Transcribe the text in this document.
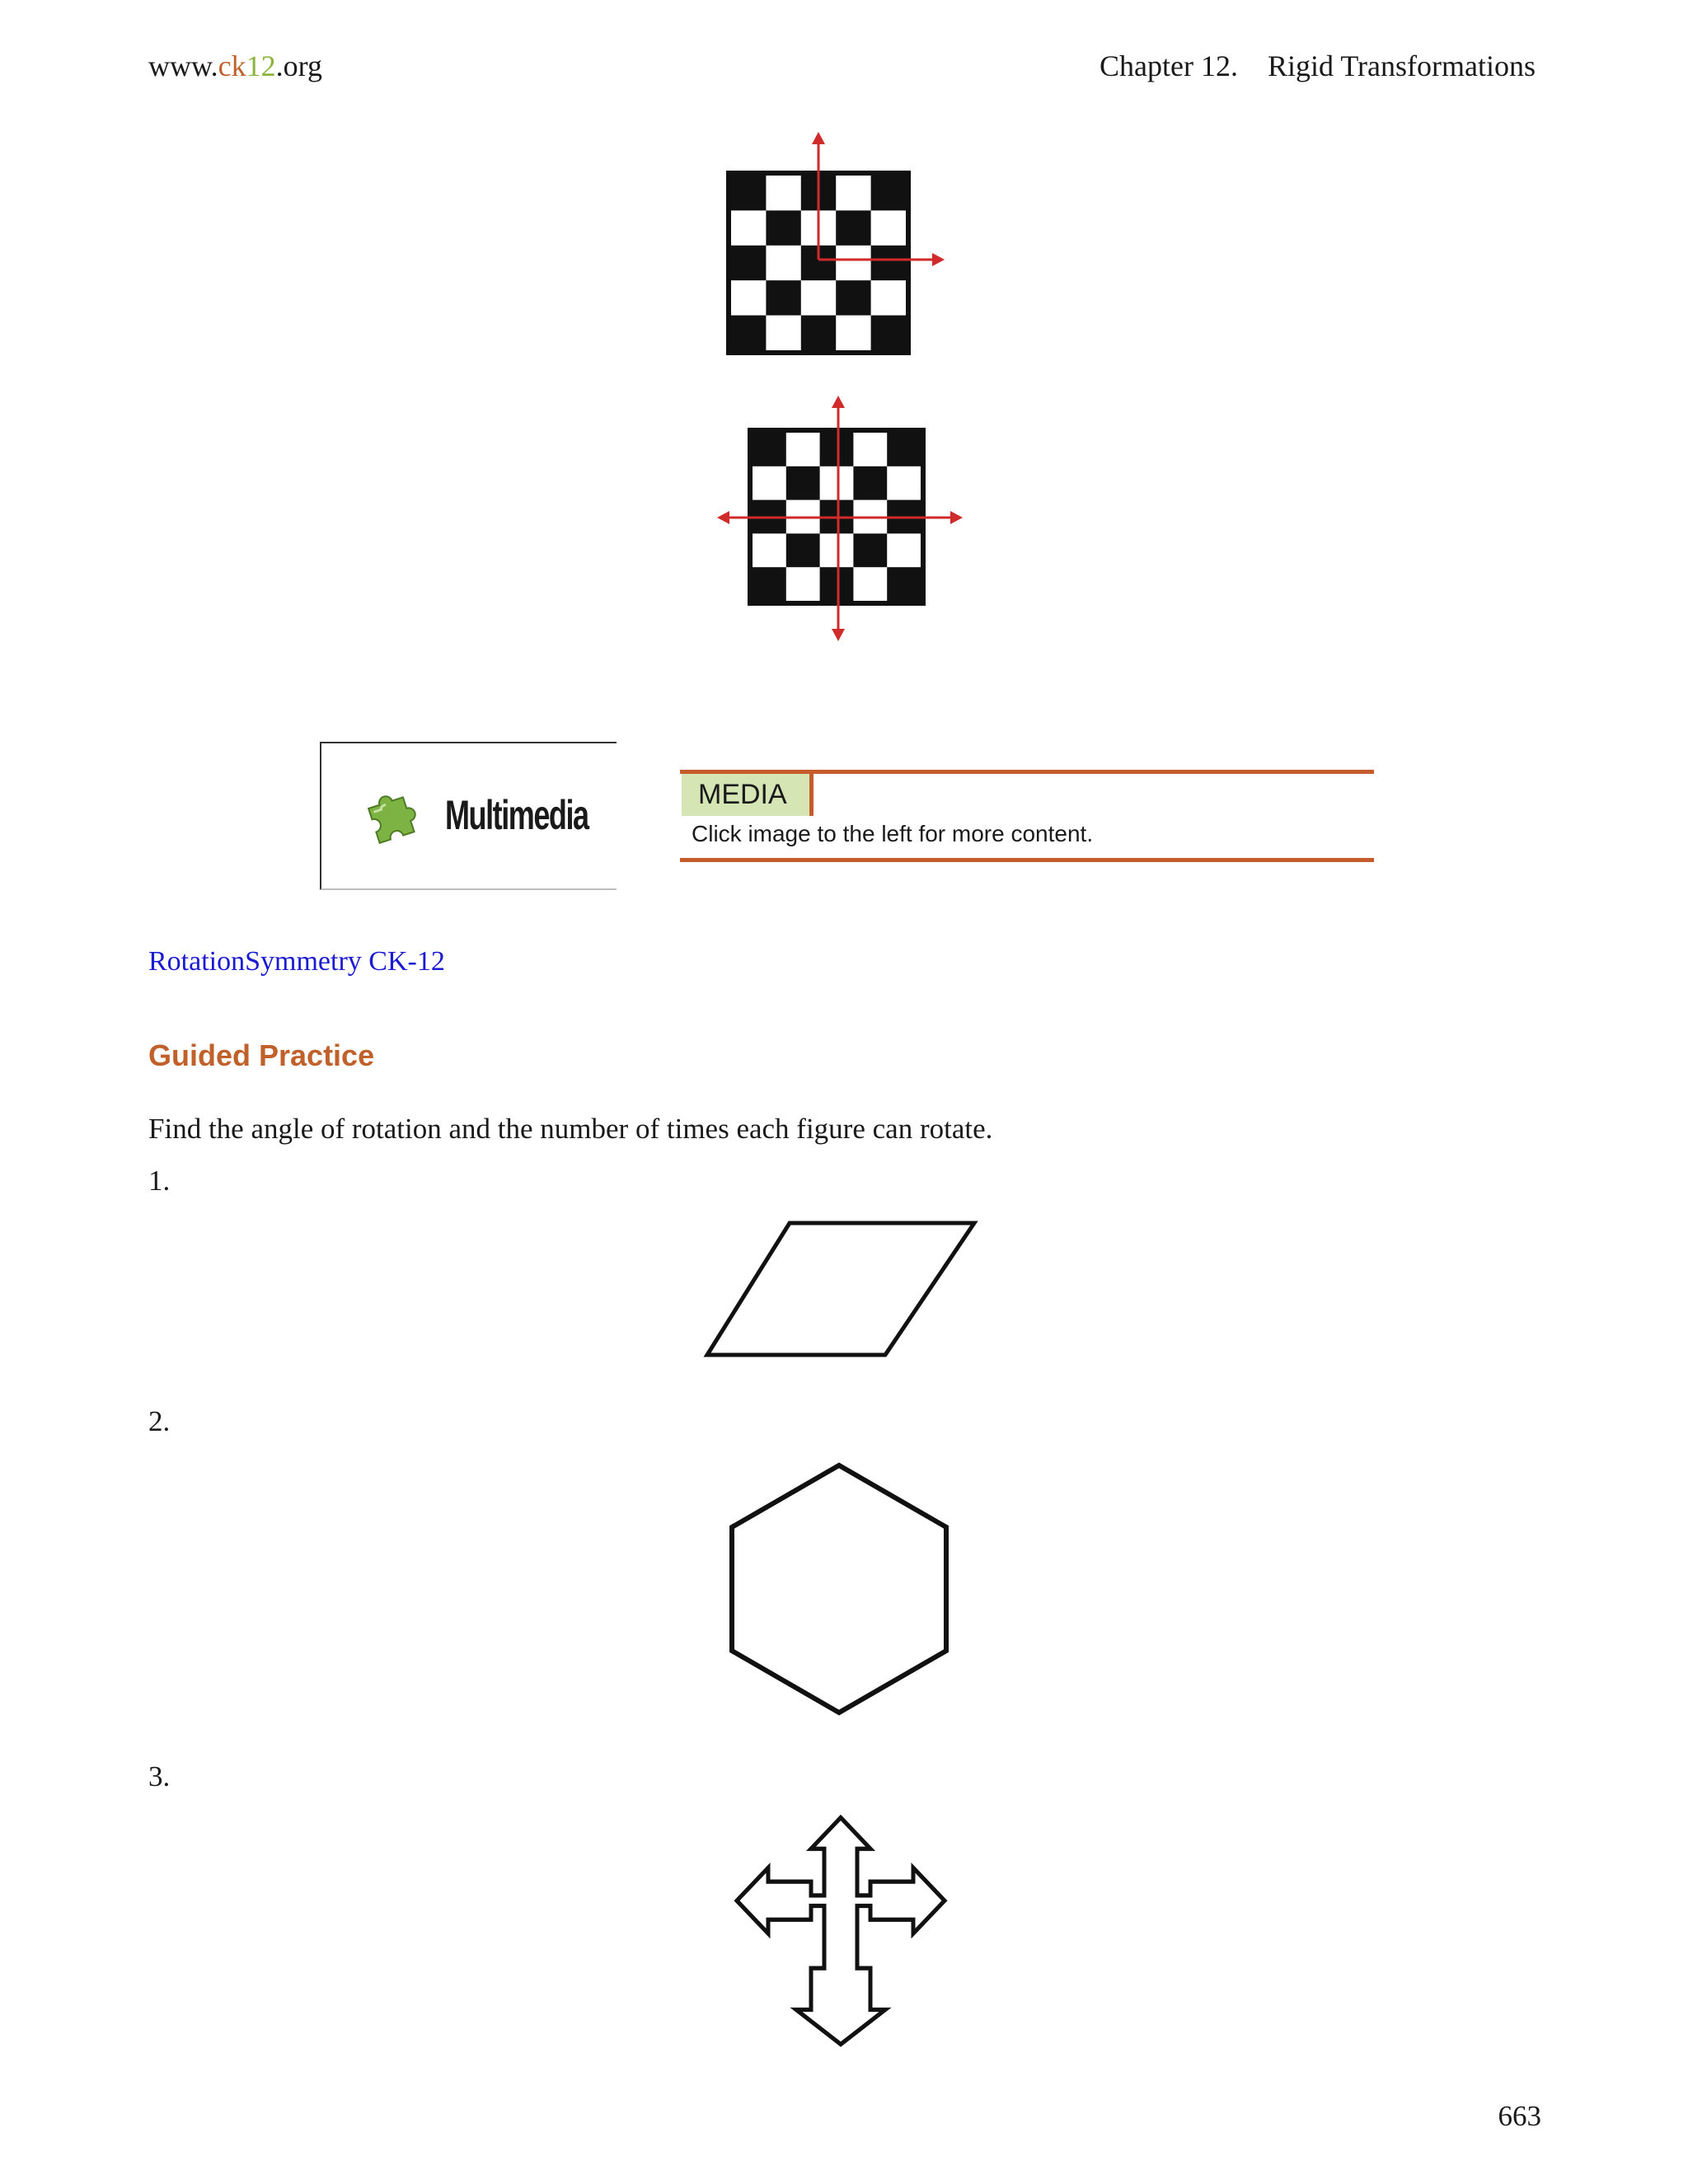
www.ck12.org	Chapter 12. Rigid Transformations
Multimedia	MEDIA
Click image to the left for more content.
RotationSymmetry CK-12
Guided Practice
Find the angle of rotation and the number of times each figure can rotate.
1.
2.
3.
663
